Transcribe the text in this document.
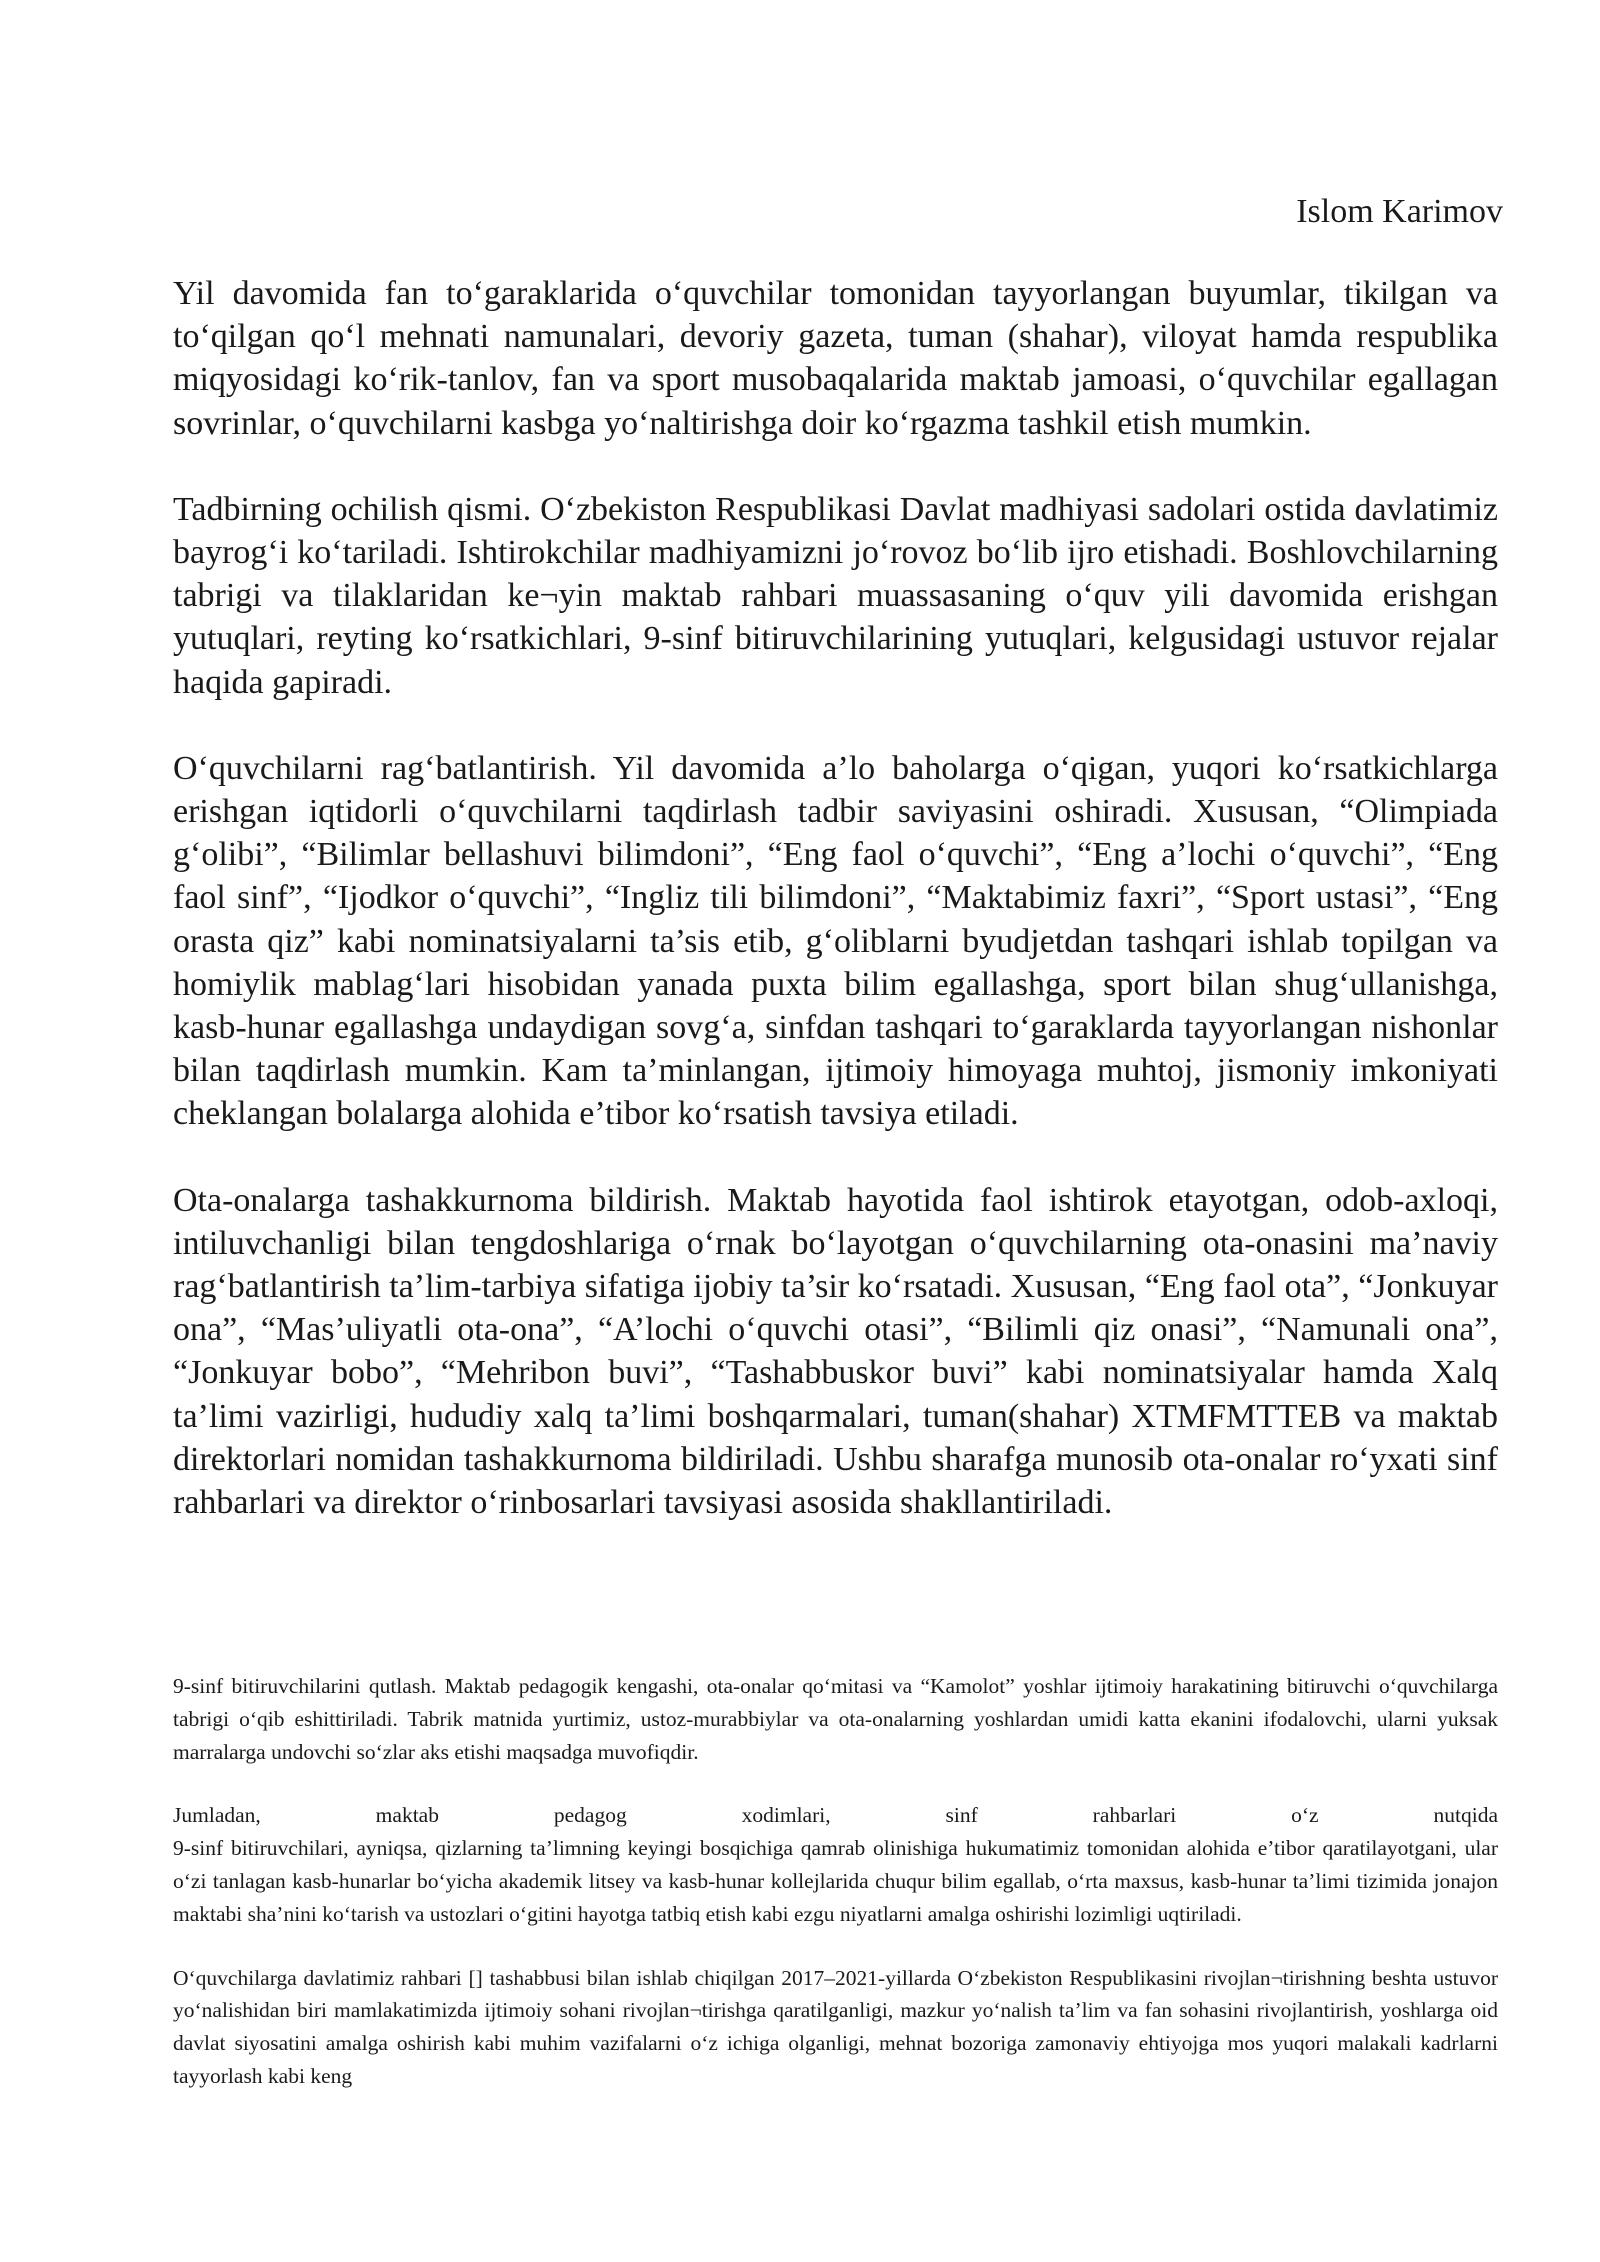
Islom Karimov

Yil davomida fan to‘garaklarida o‘quvchilar tomonidan tayyorlangan buyumlar, tikilgan va to‘qilgan qo‘l mehnati namunalari, devoriy gazeta, tuman (shahar), viloyat hamda respublika miqyosidagi ko‘rik-tanlov, fan va sport musobaqalarida maktab jamoasi, o‘quvchilar egallagan sovrinlar, o‘quvchilarni kasbga yo‘naltirishga doir ko‘rgazma tashkil etish mumkin.

Tadbirning ochilish qismi. O‘zbekiston Respublikasi Davlat madhiyasi sadolari ostida davlatimiz bayrog‘i ko‘tariladi. Ishtirokchilar madhiyamizni jo‘rovoz bo‘lib ijro etishadi. Boshlovchilarning tabrigi va tilaklaridan ke¬yin maktab rahbari muassasaning o‘quv yili davomida erishgan yutuqlari, reyting ko‘rsatkichlari, 9-sinf bitiruvchilarining yutuqlari, kelgusidagi ustuvor rejalar haqida gapiradi.

O‘quvchilarni rag‘batlantirish. Yil davomida a’lo baholarga o‘qigan, yuqori ko‘rsatkichlarga erishgan iqtidorli o‘quvchilarni taqdirlash tadbir saviyasini oshiradi. Xususan, “Olimpiada g‘olibi”, “Bilimlar bellashuvi bilimdoni”, “Eng faol o‘quvchi”, “Eng a’lochi o‘quvchi”, “Eng faol sinf”, “Ijodkor o‘quvchi”, “Ingliz tili bilimdoni”, “Maktabimiz faxri”, “Sport ustasi”, “Eng orasta qiz” kabi nominatsiyalarni ta’sis etib, g‘oliblarni byudjetdan tashqari ishlab topilgan va homiylik mablag‘lari hisobidan yanada puxta bilim egallashga, sport bilan shug‘ullanishga, kasb-hunar egallashga undaydigan sovg‘a, sinfdan tashqari to‘garaklarda tayyorlangan nishonlar bilan taqdirlash mumkin. Kam ta’minlangan, ijtimoiy himoyaga muhtoj, jismoniy imkoniyati cheklangan bolalarga alohida e’tibor ko‘rsatish tavsiya etiladi.

Ota-onalarga tashakkurnoma bildirish. Maktab hayotida faol ishtirok etayotgan, odob-axloqi, intiluvchanligi bilan tengdoshlariga o‘rnak bo‘layotgan o‘quvchilarning ota-onasini ma’naviy rag‘batlantirish ta’lim-tarbiya sifatiga ijobiy ta’sir ko‘rsatadi. Xususan, “Eng faol ota”, “Jonkuyar ona”, “Mas’uliyatli ota-ona”, “A’lochi o‘quvchi otasi”, “Bilimli qiz onasi”, “Namunali ona”, “Jonkuyar bobo”, “Mehribon buvi”, “Tashabbuskor buvi” kabi nominatsiyalar hamda Xalq ta’limi vazirligi, hududiy xalq ta’limi boshqarmalari, tuman(shahar) XTMFMTTEB va maktab direktorlari nomidan tashakkurnoma bildiriladi. Ushbu sharafga munosib ota-onalar ro‘yxati sinf rahbarlari va direktor o‘rinbosarlari tavsiyasi asosida shakllantiriladi.

9-sinf bitiruvchilarini qutlash. Maktab pedagogik kengashi, ota-onalar qo‘mitasi va “Kamolot” yoshlar ijtimoiy harakatining bitiruvchi o‘quvchilarga tabrigi o‘qib eshittiriladi. Tabrik matnida yurtimiz, ustoz-murabbiylar va ota-onalarning yoshlardan umidi katta ekanini ifodalovchi, ularni yuksak marralarga undovchi so‘zlar aks etishi maqsadga muvofiqdir.

Jumladan, maktab pedagog xodimlari, sinf rahbarlari o‘z nutqida
9-sinf bitiruvchilari, ayniqsa, qizlarning ta’limning keyingi bosqichiga qamrab olinishiga hukumatimiz tomonidan alohida e’tibor qaratilayotgani, ular o‘zi tanlagan kasb-hunarlar bo‘yicha akademik litsey va kasb-hunar kollejlarida chuqur bilim egallab, o‘rta maxsus, kasb-hunar ta’limi tizimida jonajon maktabi sha’nini ko‘tarish va ustozlari o‘gitini hayotga tatbiq etish kabi ezgu niyatlarni amalga oshirishi lozimligi uqtiriladi.

O‘quvchilarga davlatimiz rahbari [] tashabbusi bilan ishlab chiqilgan 2017–2021-yillarda O‘zbekiston Respublikasini rivojlan¬tirishning beshta ustuvor yo‘nalishidan biri mamlakatimizda ijtimoiy sohani rivojlan¬tirishga qaratilganligi, mazkur yo‘nalish ta’lim va fan sohasini rivojlantirish, yoshlarga oid davlat siyosatini amalga oshirish kabi muhim vazifalarni o‘z ichiga olganligi, mehnat bozoriga zamonaviy ehtiyojga mos yuqori malakali kadrlarni tayyorlash kabi keng
